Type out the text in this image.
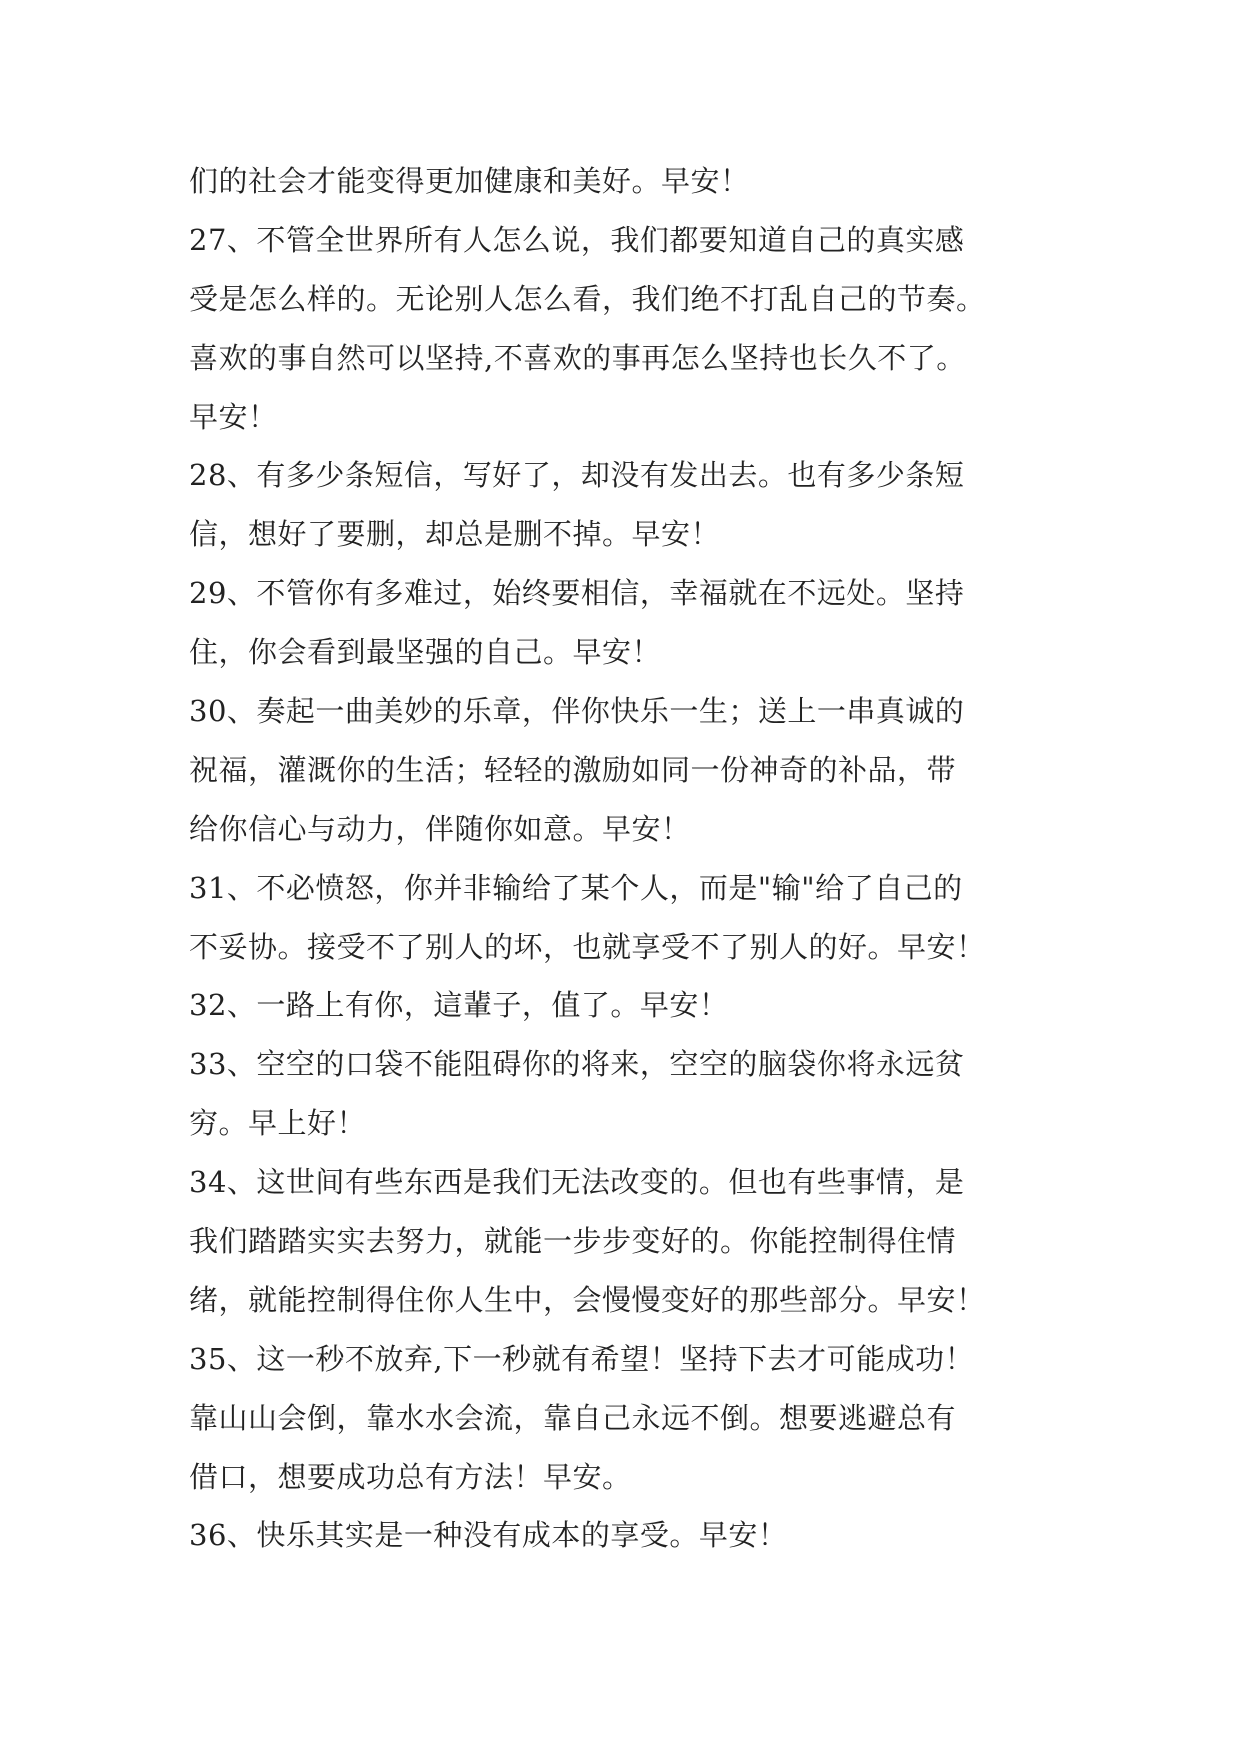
们的社会才能变得更加健康和美好。早安！
27、不管全世界所有人怎么说，我们都要知道自己的真实感
受是怎么样的。无论别人怎么看，我们绝不打乱自己的节奏。
喜欢的事自然可以坚持,不喜欢的事再怎么坚持也长久不了。
早安！
28、有多少条短信，写好了，却没有发出去。也有多少条短
信，想好了要删，却总是删不掉。早安！
29、不管你有多难过，始终要相信，幸福就在不远处。坚持
住，你会看到最坚强的自己。早安！
30、奏起一曲美妙的乐章，伴你快乐一生；送上一串真诚的
祝福，灌溉你的生活；轻轻的激励如同一份神奇的补品，带
给你信心与动力，伴随你如意。早安！
31、不必愤怒，你并非输给了某个人，而是"输"给了自己的
不妥协。接受不了别人的坏，也就享受不了别人的好。早安！
32、一路上有你，這輩子，值了。早安！
33、空空的口袋不能阻碍你的将来，空空的脑袋你将永远贫
穷。早上好！
34、这世间有些东西是我们无法改变的。但也有些事情，是
我们踏踏实实去努力，就能一步步变好的。你能控制得住情
绪，就能控制得住你人生中，会慢慢变好的那些部分。早安！
35、这一秒不放弃,下一秒就有希望！坚持下去才可能成功！
靠山山会倒，靠水水会流，靠自己永远不倒。想要逃避总有
借口，想要成功总有方法！早安。
36、快乐其实是一种没有成本的享受。早安！
